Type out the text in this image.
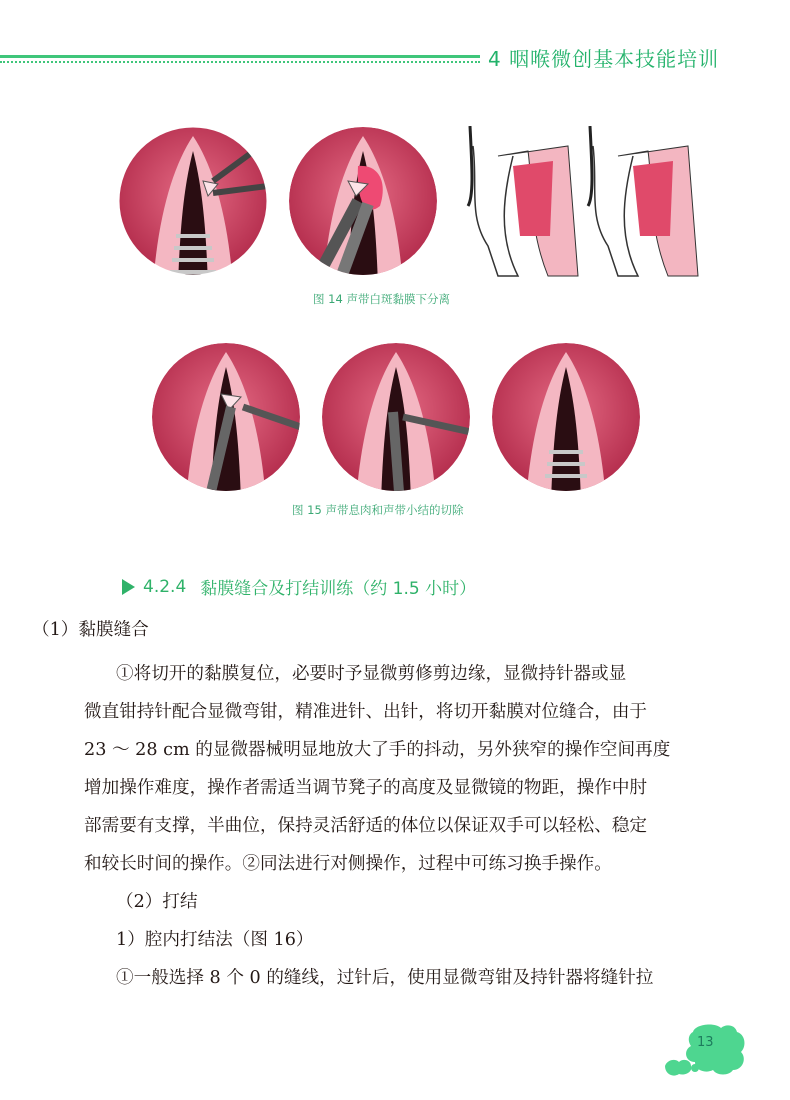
4 咽喉微创基本技能培训
图 14 声带白斑黏膜下分离
图 15 声带息肉和声带小结的切除
4.2.4 黏膜缝合及打结训练（约 1.5 小时）

（1）黏膜缝合

①将切开的黏膜复位，必要时予显微剪修剪边缘，显微持针器或显

微直钳持针配合显微弯钳，精准进针、出针，将切开黏膜对位缝合，由于

23 ～ 28 cm 的显微器械明显地放大了手的抖动，另外狭窄的操作空间再度

增加操作难度，操作者需适当调节凳子的高度及显微镜的物距，操作中肘

部需要有支撑，半曲位，保持灵活舒适的体位以保证双手可以轻松、稳定

和较长时间的操作。②同法进行对侧操作，过程中可练习换手操作。

（2）打结

1）腔内打结法（图 16）

①一般选择 8 个 0 的缝线，过针后，使用显微弯钳及持针器将缝针拉

13
